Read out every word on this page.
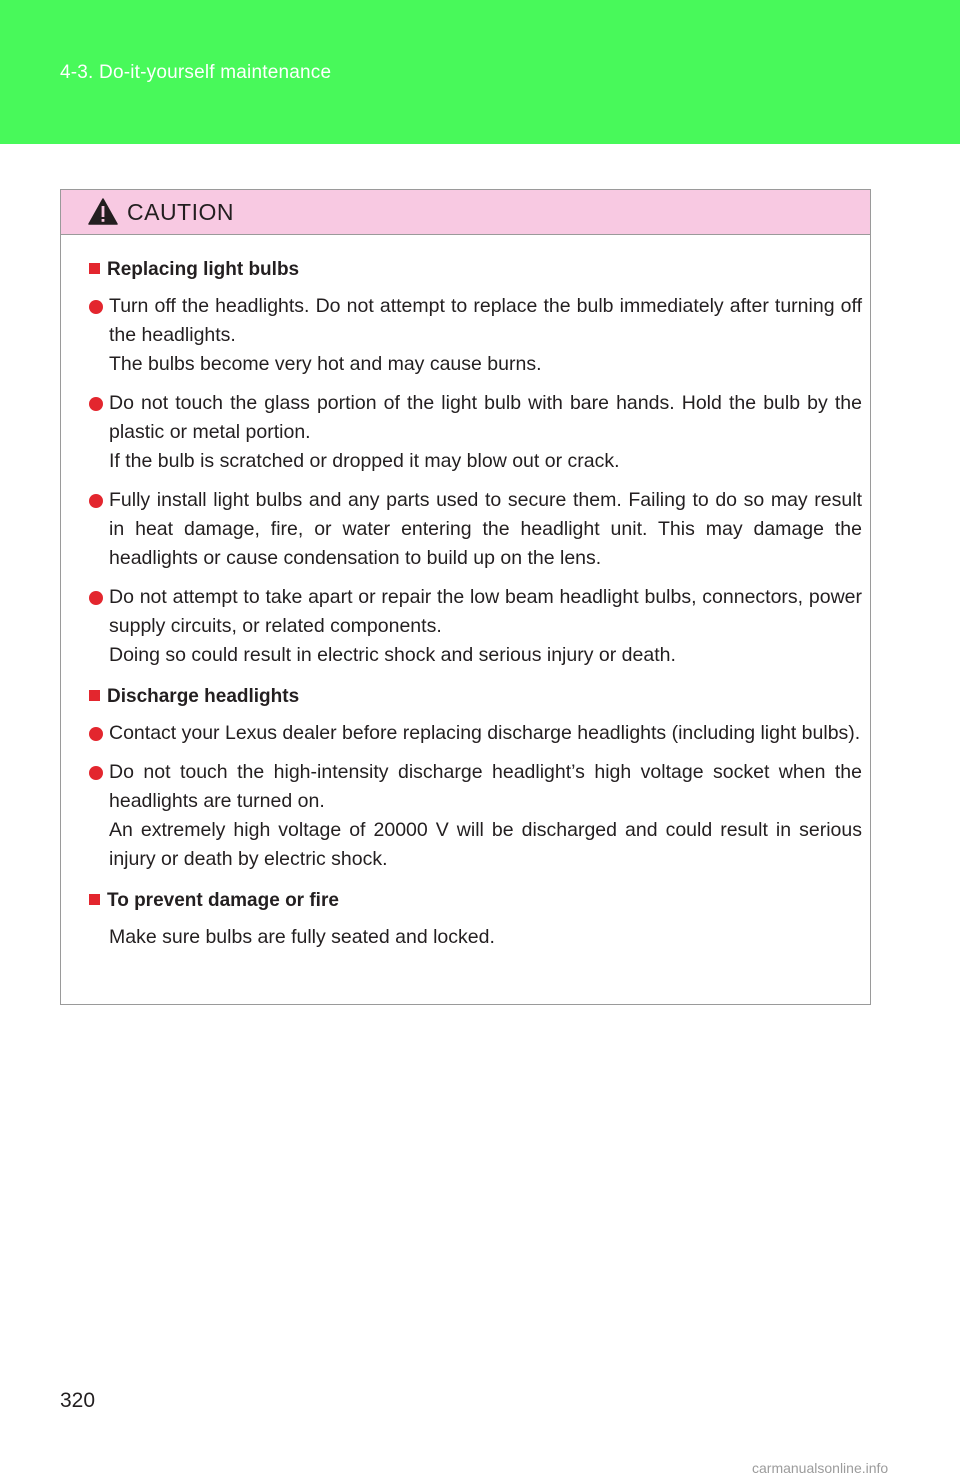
4-3. Do-it-yourself maintenance
CAUTION
Replacing light bulbs

Turn off the headlights. Do not attempt to replace the bulb immediately after turning off the headlights.

The bulbs become very hot and may cause burns.

Do not touch the glass portion of the light bulb with bare hands. Hold the bulb by the plastic or metal portion.

If the bulb is scratched or dropped it may blow out or crack.

Fully install light bulbs and any parts used to secure them. Failing to do so may result in heat damage, fire, or water entering the headlight unit. This may damage the headlights or cause condensation to build up on the lens.

Do not attempt to take apart or repair the low beam headlight bulbs, connectors, power supply circuits, or related components.

Doing so could result in electric shock and serious injury or death.

Discharge headlights

Contact your Lexus dealer before replacing discharge headlights (including light bulbs).

Do not touch the high-intensity discharge headlight’s high voltage socket when the headlights are turned on.

An extremely high voltage of 20000 V will be discharged and could result in serious injury or death by electric shock.

To prevent damage or fire

Make sure bulbs are fully seated and locked.

320
carmanualsonline.info
